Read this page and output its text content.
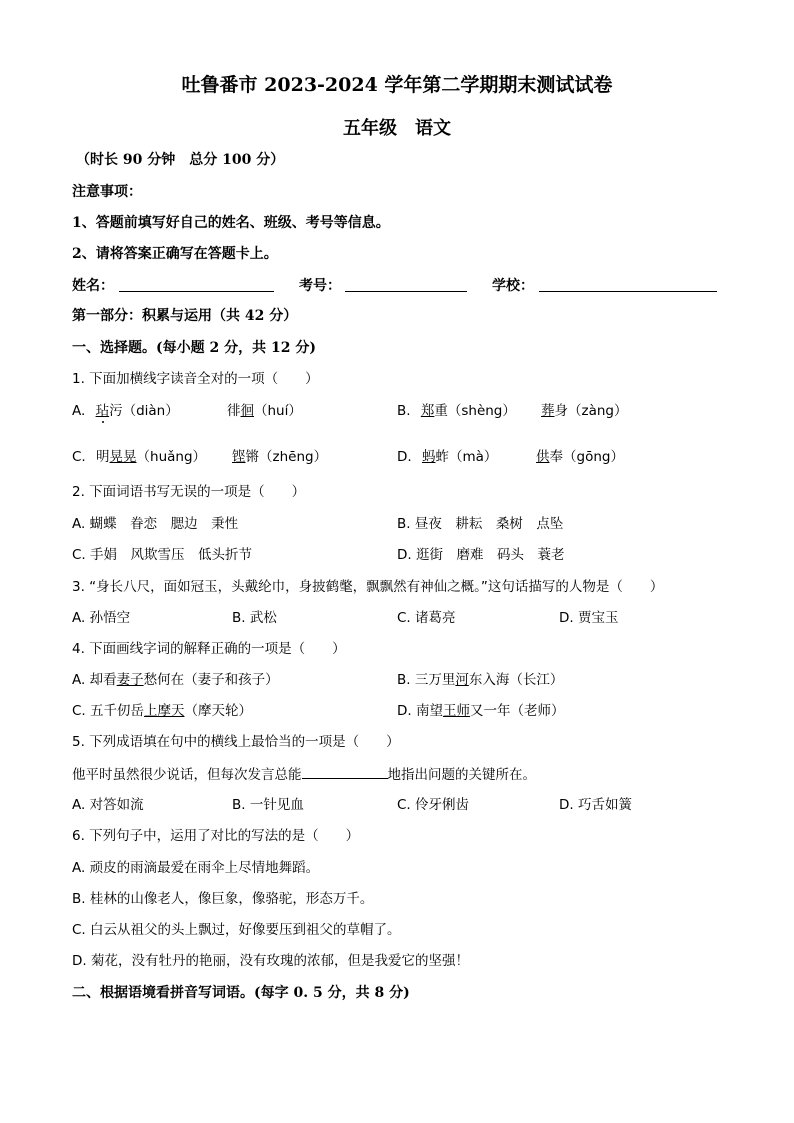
吐鲁番市 2023-2024 学年第二学期期末测试试卷
五年级　语文
（时长 90 分钟　总分 100 分）
注意事项：
1、答题前填写好自己的姓名、班级、考号等信息。
2、请将答案正确写在答题卡上。
姓名：	考号：	学校：
第一部分：积累与运用（共 42 分）
一、选择题。(每小题 2 分，共 12 分)
1. 下面加横线字读音全对的一项（　　）
A. 玷污（diàn）	徘徊（huí）	B. 郑重（shèng） 葬身（zàng）
C. 明晃晃（huǎng） 铿锵（zhēng）	D. 蚂蚱（mà）	供奉（gōng）
2. 下面词语书写无误的一项是（　　）
A. 蝴蝶　眷恋　腮边　秉性	B. 昼夜　耕耘　桑树　点坠
C. 手娟　风欺雪压　低头折节	D. 逛街　磨难　码头　蓑老
3. “身长八尺，面如冠玉，头戴纶巾，身披鹤氅，飘飘然有神仙之概。”这句话描写的人物是（　　）
A. 孙悟空	B. 武松	C. 诸葛亮	D. 贾宝玉
4. 下面画线字词的解释正确的一项是（　　）
A. 却看妻子愁何在（妻子和孩子）	B. 三万里河东入海（长江）
C. 五千仞岳上摩天（摩天轮）	D. 南望王师又一年（老师）
5. 下列成语填在句中的横线上最恰当的一项是（　　）
他平时虽然很少说话，但每次发言总能	地指出问题的关键所在。
A. 对答如流	B. 一针见血	C. 伶牙俐齿	D. 巧舌如簧
6. 下列句子中，运用了对比的写法的是（　　）
A. 顽皮的雨滴最爱在雨伞上尽情地舞蹈。
B. 桂林的山像老人，像巨象，像骆驼，形态万千。
C. 白云从祖父的头上飘过，好像要压到祖父的草帽了。
D. 菊花，没有牡丹的艳丽，没有玫瑰的浓郁，但是我爱它的坚强！
二、根据语境看拼音写词语。(每字 0. 5 分，共 8 分)
